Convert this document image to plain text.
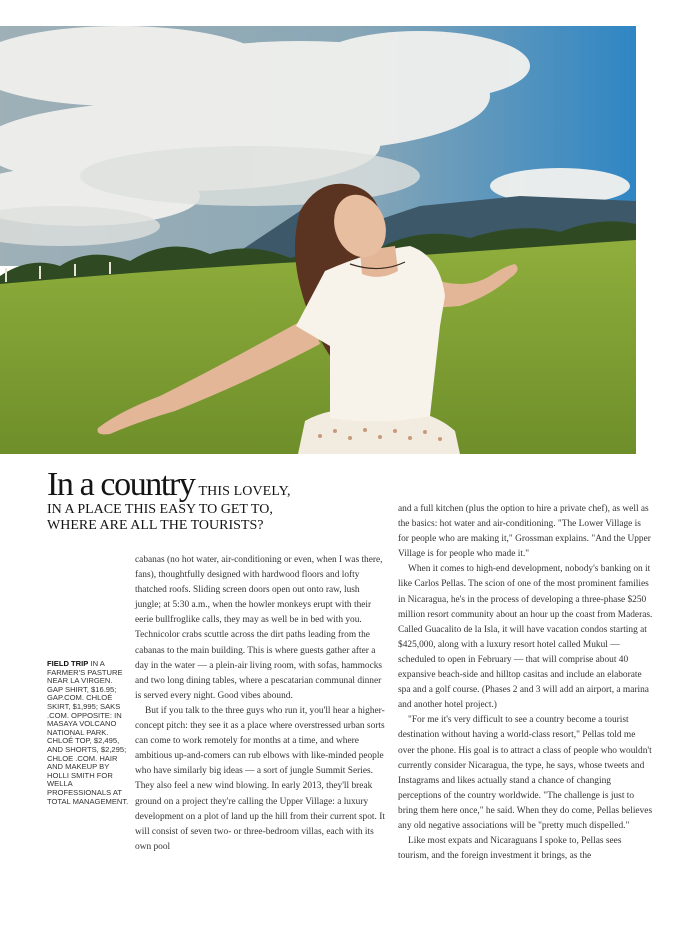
In a country THIS LOVELY,
IN A PLACE THIS EASY TO GET TO,
WHERE ARE ALL THE TOURISTS?
FIELD TRIP IN A FARMER'S PASTURE NEAR LA VIRGEN. GAP SHIRT, $16.95; GAP.COM. CHLOÉ SKIRT, $1,995; SAKS .COM. OPPOSITE: IN MASAYA VOLCANO NATIONAL PARK. CHLOÉ TOP, $2,495, AND SHORTS, $2,295; CHLOE .COM. HAIR AND MAKEUP BY HOLLI SMITH FOR WELLA PROFESSIONALS AT TOTAL MANAGEMENT.

cabanas (no hot water, air-conditioning or even, when I was there, fans), thoughtfully designed with hardwood floors and lofty thatched roofs. Sliding screen doors open out onto raw, lush jungle; at 5:30 a.m., when the howler monkeys erupt with their eerie bullfroglike calls, they may as well be in bed with you. Technicolor crabs scuttle across the dirt paths leading from the cabanas to the main building. This is where guests gather after a day in the water — a plein-air living room, with sofas, hammocks and two long dining tables, where a pescatarian communal dinner is served every night. Good vibes abound.

But if you talk to the three guys who run it, you'll hear a higher-concept pitch: they see it as a place where overstressed urban sorts can come to work remotely for months at a time, and where ambitious up-and-comers can rub elbows with like-minded people who have similarly big ideas — a sort of jungle Summit Series. They also feel a new wind blowing. In early 2013, they'll break ground on a project they're calling the Upper Village: a luxury development on a plot of land up the hill from their current spot. It will consist of seven two- or three-bedroom villas, each with its own pool

and a full kitchen (plus the option to hire a private chef), as well as the basics: hot water and air-conditioning. "The Lower Village is for people who are making it," Grossman explains. "And the Upper Village is for people who made it."

When it comes to high-end development, nobody's banking on it like Carlos Pellas. The scion of one of the most prominent families in Nicaragua, he's in the process of developing a three-phase $250 million resort community about an hour up the coast from Maderas. Called Guacalito de la Isla, it will have vacation condos starting at $425,000, along with a luxury resort hotel called Mukul — scheduled to open in February — that will comprise about 40 expansive beach-side and hilltop casitas and include an elaborate spa and a golf course. (Phases 2 and 3 will add an airport, a marina and another hotel project.)

"For me it's very difficult to see a country become a tourist destination without having a world-class resort," Pellas told me over the phone. His goal is to attract a class of people who wouldn't currently consider Nicaragua, the type, he says, whose tweets and Instagrams and likes actually stand a chance of changing perceptions of the country worldwide. "The challenge is just to bring them here once," he said. When they do come, Pellas believes any old negative associations will be "pretty much dispelled."

Like most expats and Nicaraguans I spoke to, Pellas sees tourism, and the foreign investment it brings, as the
